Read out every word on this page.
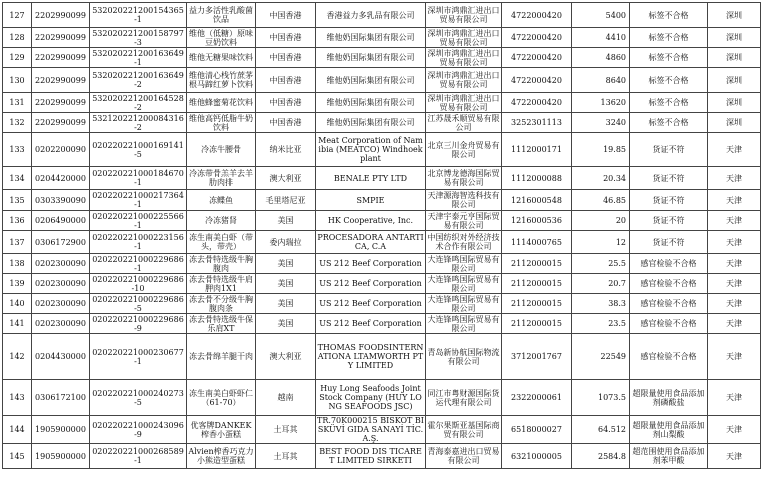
127	2202990099	532020221200154365-1	益力多活性乳酸菌饮品	中国香港	香港益力多乳品有限公司	深圳市鸿鼎汇进出口贸易有限公司	4722000420	5400	标签不合格	深圳
128	2202990099	532020221200158797-3	维他（低糖）原味豆奶饮料	中国香港	维他奶国际集团有限公司	深圳市鸿鼎汇进出口贸易有限公司	4722000420	4410	标签不合格	深圳
129	2202990099	532020221200163649-1	维他无糖果味饮料	中国香港	维他奶国际集团有限公司	深圳市鸿鼎汇进出口贸易有限公司	4722000420	4860	标签不合格	深圳
130	2202990099	532020221200163649-2	维他清心栈竹蔗茅根马蹄红萝卜饮料	中国香港	维他奶国际集团有限公司	深圳市鸿鼎汇进出口贸易有限公司	4722000420	8640	标签不合格	深圳
131	2202990099	532020221200164528-2	维他蜂蜜菊花饮料	中国香港	维他奶国际集团有限公司	深圳市鸿鼎汇进出口贸易有限公司	4722000420	13620	标签不合格	深圳
132	2202990099	532120221200084316-2	维他高钙低脂牛奶饮料	中国香港	维他奶国际集团有限公司	江苏晟禾顺贸易有限公司	3252301113	3240	标签不合格	深圳
133	0202200090	020220221000169141-5	冷冻牛腰骨	纳米比亚	Meat Corporation of Namibia (MEATCO) Windhoek plant	北京三川金舟贸易有限公司	1112000171	19.85	货证不符	天津
134	0204420000	020220221000184670-1	冷冻带骨羔羊去羊肋肉排	澳大利亚	BENALE PTY LTD	北京博龙德海国际贸易有限公司	1112000088	20.34	货证不符	天津
135	0303390090	020220221000217364-1	冻鲽鱼	毛里塔尼亚	SMPIE	天津源海智选科技有限公司	1216000548	46.85	货证不符	天津
136	0206490000	020220221000225566-1	冷冻猪肾	美国	HK Cooperative, Inc.	天津宇泰元亨国际贸易有限公司	1216000536	20	货证不符	天津
137	0306172900	020220221000223156-1	冻生南美白虾（带头，带壳）	委内瑞拉	PROCESADORA ANTARTICA, C.A	中国纺织对外经济技术合作有限公司	1114000765	12	货证不符	天津
138	0202300090	020220221000229686-1	冻去骨特选级牛胸腹肉	美国	US 212 Beef Corporation	大连锋鸣国际贸易有限公司	2112000015	25.5	感官检验不合格	天津
139	0202300090	020220221000229686-10	冻去骨特选级牛肩胛肉1X1	美国	US 212 Beef Corporation	大连锋鸣国际贸易有限公司	2112000015	20.7	感官检验不合格	天津
140	0202300090	020220221000229686-5	冻去骨不分级牛胸腹肉条	美国	US 212 Beef Corporation	大连锋鸣国际贸易有限公司	2112000015	38.3	感官检验不合格	天津
141	0202300090	020220221000229686-9	冻去骨特选级牛保乐肩XT	美国	US 212 Beef Corporation	大连锋鸣国际贸易有限公司	2112000015	23.5	感官检验不合格	天津
142	0204430000	020220221000230677-1	冻去骨绵羊腿干肉	澳大利亚	THOMAS FOODSINTERNATIONA LTAMWORTH PTY LIMITED	青岛新协航国际物流有限公司	3712001767	22549	感官检验不合格	天津
143	0306172100	020220221000240273-5	冻生南美白虾虾仁（61-70）	越南	Huy Long Seafoods Joint Stock Company (HUY LONG SEAFOODS JSC)	同江市粤财源国际货运代理有限公司	2322000061	1073.5	超限量使用食品添加剂磷酸盐	天津
144	1905900000	020220221000243096-9	优客牌DANKEK榨香小蛋糕	土耳其	TR.70K000215 BİSKOT BİSKÜVİ GIDA SANAYİ TİC.A.Ş.	霍尔果斯亚基国际商贸有限公司	6518000027	64.512	超限量使用食品添加剂山梨酸	天津
145	1905900000	020220221000268589-1	Alvien榨香巧克力小熊造型蛋糕	土耳其	BEST FOOD DIS TICARET LIMITED SIRKETI	青海泰嘉进出口贸易有限公司	6321000005	2584.8	超范围使用食品添加剂苯甲酸	天津
